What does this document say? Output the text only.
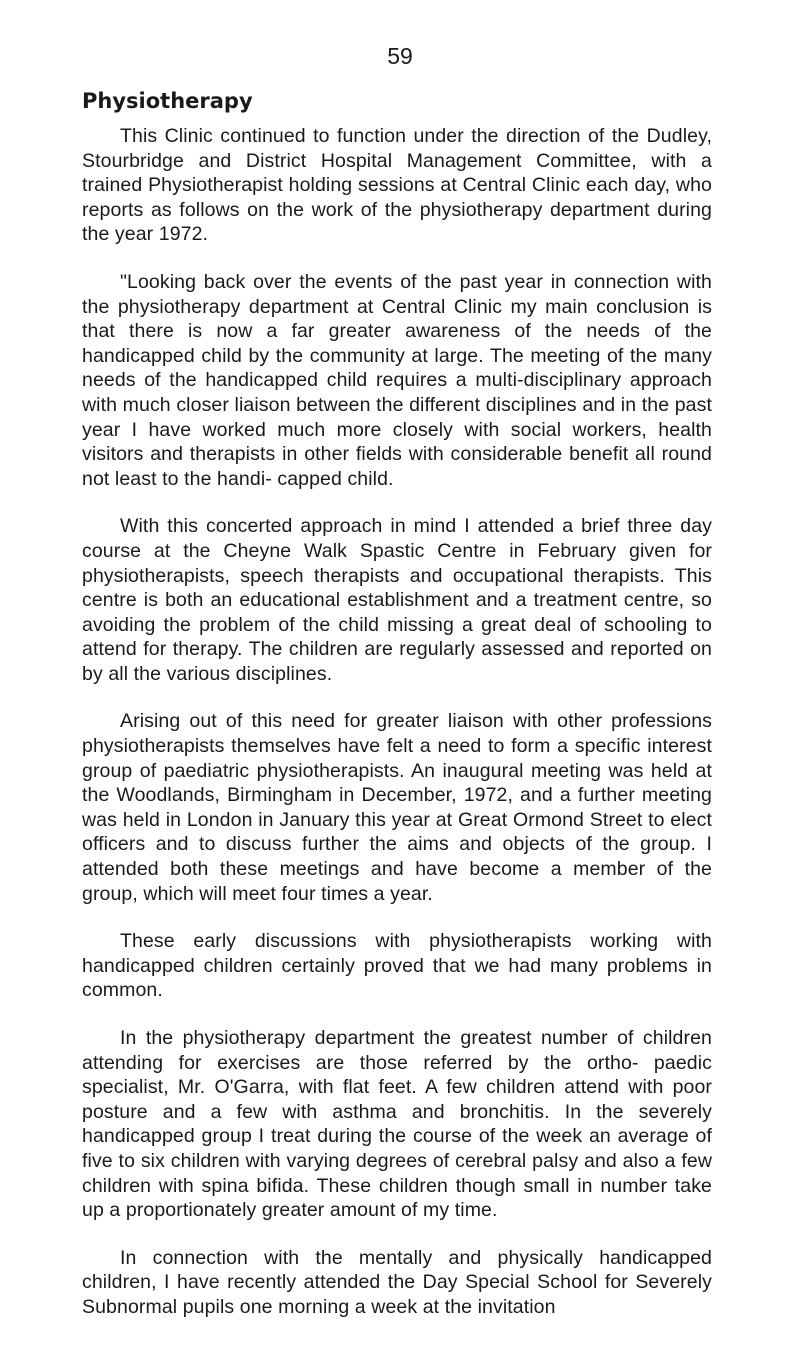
59
Physiotherapy

This Clinic continued to function under the direction of the Dudley, Stourbridge and District Hospital Management Committee, with a trained Physiotherapist holding sessions at Central Clinic each day, who reports as follows on the work of the physiotherapy department during the year 1972.

"Looking back over the events of the past year in connection with the physiotherapy department at Central Clinic my main conclusion is that there is now a far greater awareness of the needs of the handicapped child by the community at large. The meeting of the many needs of the handicapped child requires a multi-disciplinary approach with much closer liaison between the different disciplines and in the past year I have worked much more closely with social workers, health visitors and therapists in other fields with considerable benefit all round not least to the handi- capped child.

With this concerted approach in mind I attended a brief three day course at the Cheyne Walk Spastic Centre in February given for physiotherapists, speech therapists and occupational therapists. This centre is both an educational establishment and a treatment centre, so avoiding the problem of the child missing a great deal of schooling to attend for therapy. The children are regularly assessed and reported on by all the various disciplines.

Arising out of this need for greater liaison with other professions physiotherapists themselves have felt a need to form a specific interest group of paediatric physiotherapists. An inaugural meeting was held at the Woodlands, Birmingham in December, 1972, and a further meeting was held in London in January this year at Great Ormond Street to elect officers and to discuss further the aims and objects of the group. I attended both these meetings and have become a member of the group, which will meet four times a year.

These early discussions with physiotherapists working with handicapped children certainly proved that we had many problems in common.

In the physiotherapy department the greatest number of children attending for exercises are those referred by the ortho- paedic specialist, Mr. O'Garra, with flat feet. A few children attend with poor posture and a few with asthma and bronchitis. In the severely handicapped group I treat during the course of the week an average of five to six children with varying degrees of cerebral palsy and also a few children with spina bifida. These children though small in number take up a proportionately greater amount of my time.

In connection with the mentally and physically handicapped children, I have recently attended the Day Special School for Severely Subnormal pupils one morning a week at the invitation
